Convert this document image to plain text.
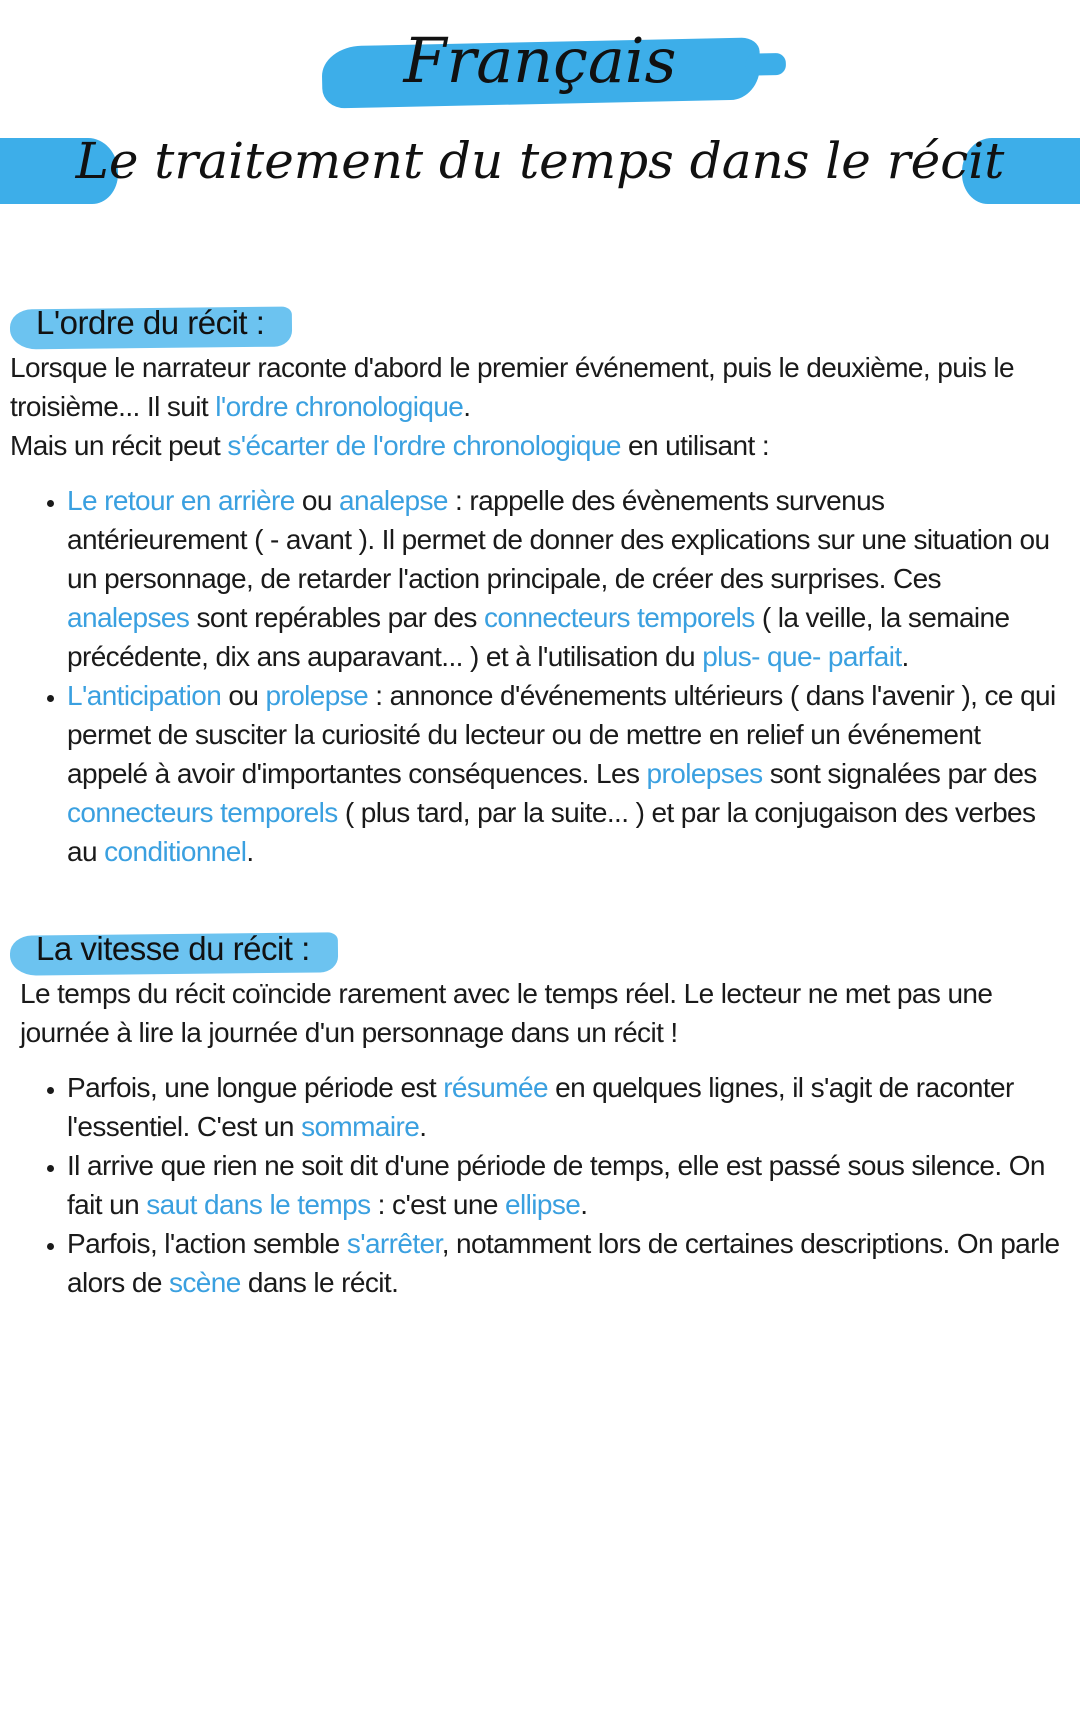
Français
Le traitement du temps dans le récit
L'ordre du récit :

Lorsque le narrateur raconte d'abord le premier événement, puis le deuxième, puis le troisième... Il suit l'ordre chronologique.

Mais un récit peut s'écarter de l'ordre chronologique en utilisant :

• Le retour en arrière ou analepse : rappelle des évènements survenus antérieurement ( - avant ). Il permet de donner des explications sur une situation ou un personnage, de retarder l'action principale, de créer des surprises. Ces analepses sont repérables par des connecteurs temporels ( la veille, la semaine précédente, dix ans auparavant... ) et à l'utilisation du plus- que- parfait.
• L'anticipation ou prolepse : annonce d'événements ultérieurs ( dans l'avenir ), ce qui permet de susciter la curiosité du lecteur ou de mettre en relief un événement appelé à avoir d'importantes conséquences. Les prolepses sont signalées par des connecteurs temporels ( plus tard, par la suite... ) et par la conjugaison des verbes au conditionnel.
La vitesse du récit :

Le temps du récit coïncide rarement avec le temps réel. Le lecteur ne met pas une journée à lire la journée d'un personnage dans un récit !

• Parfois, une longue période est résumée en quelques lignes, il s'agit de raconter l'essentiel. C'est un sommaire.
• Il arrive que rien ne soit dit d'une période de temps, elle est passé sous silence. On fait un saut dans le temps : c'est une ellipse.
• Parfois, l'action semble s'arrêter, notamment lors de certaines descriptions. On parle alors de scène dans le récit.
